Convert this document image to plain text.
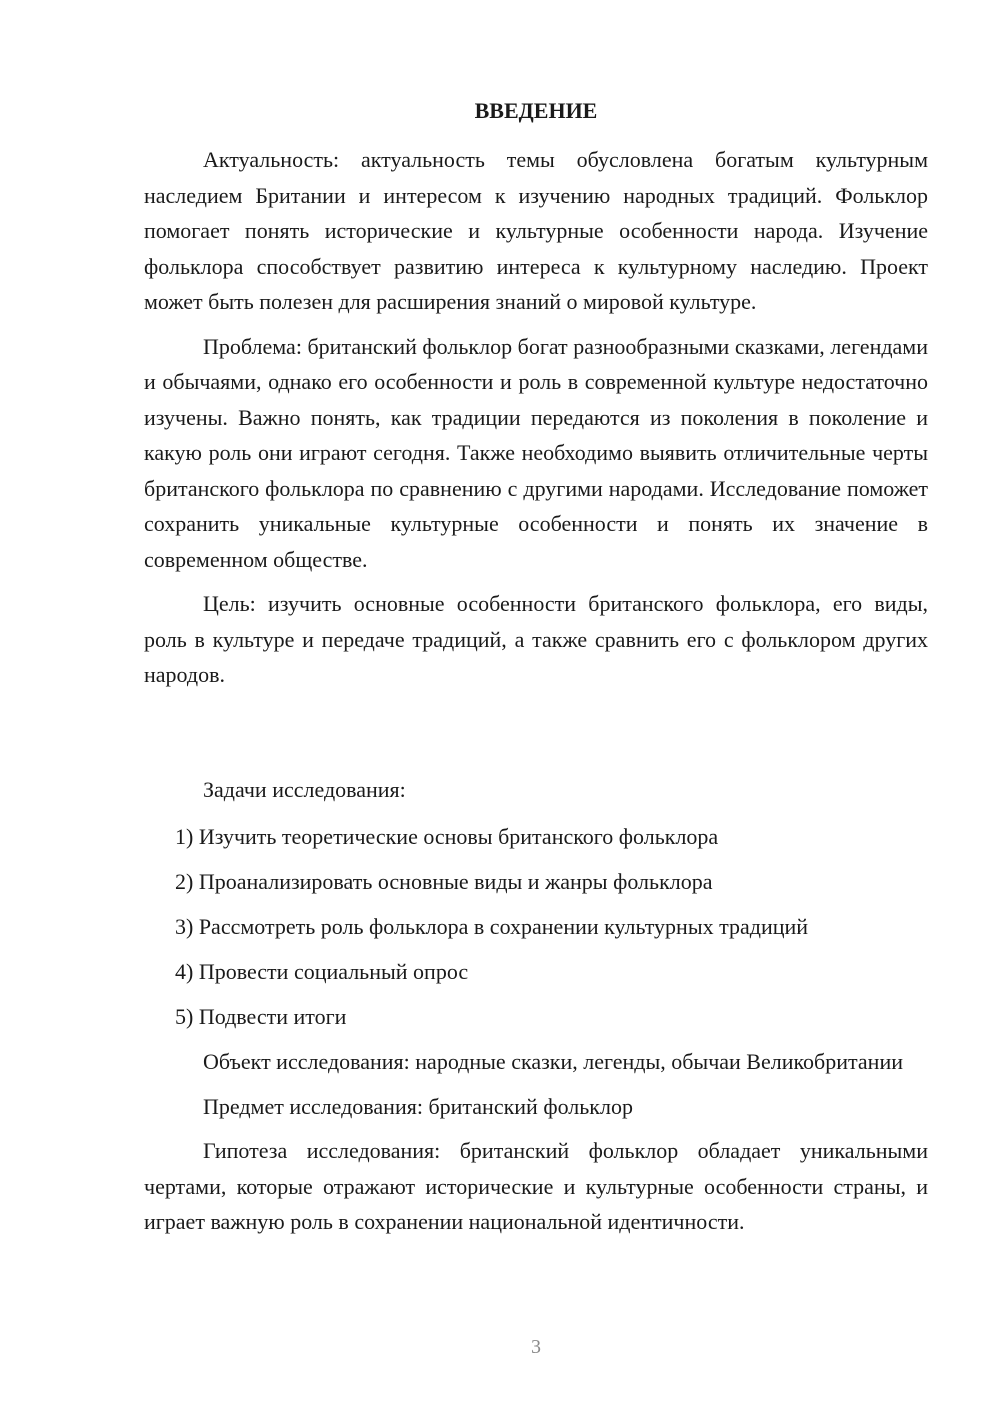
ВВЕДЕНИЕ

Актуальность: актуальность темы обусловлена богатым культурным наследием Британии и интересом к изучению народных традиций. Фольклор помогает понять исторические и культурные особенности народа. Изучение фольклора способствует развитию интереса к культурному наследию. Проект может быть полезен для расширения знаний о мировой культуре.

Проблема: британский фольклор богат разнообразными сказками, легендами и обычаями, однако его особенности и роль в современной культуре недостаточно изучены. Важно понять, как традиции передаются из поколения в поколение и какую роль они играют сегодня. Также необходимо выявить отличительные черты британского фольклора по сравнению с другими народами. Исследование поможет сохранить уникальные культурные особенности и понять их значение в современном обществе.

Цель: изучить основные особенности британского фольклора, его виды, роль в культуре и передаче традиций, а также сравнить его с фольклором других народов.

Задачи исследования:

1) Изучить теоретические основы британского фольклора
2) Проанализировать основные виды и жанры фольклора
3) Рассмотреть роль фольклора в сохранении культурных традиций
4) Провести социальный опрос
5) Подвести итоги

Объект исследования: народные сказки, легенды, обычаи Великобритании

Предмет исследования: британский фольклор

Гипотеза исследования: британский фольклор обладает уникальными чертами, которые отражают исторические и культурные особенности страны, и играет важную роль в сохранении национальной идентичности.

3
